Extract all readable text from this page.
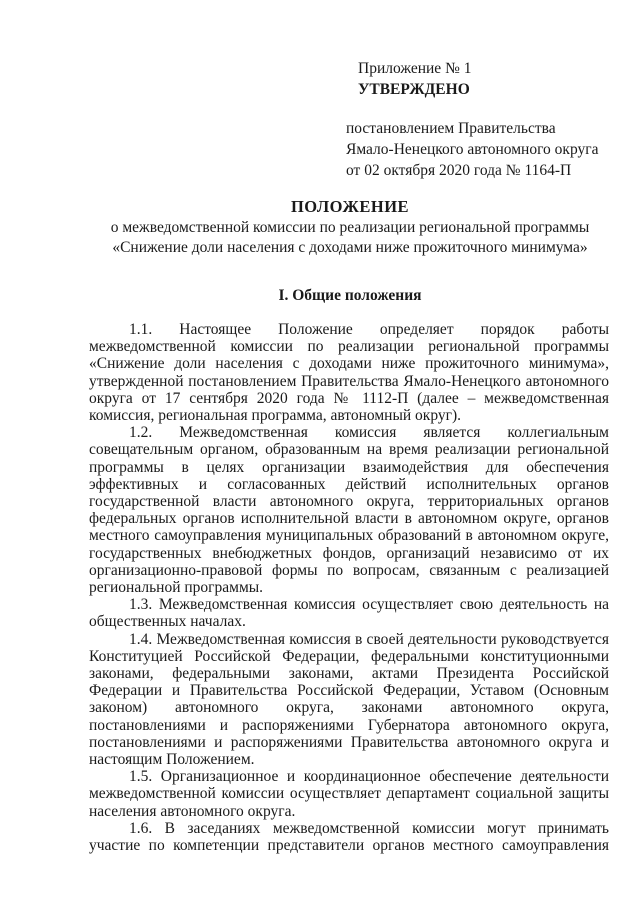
Приложение № 1
УТВЕРЖДЕНО
постановлением Правительства
Ямало-Ненецкого автономного округа
от 02 октября 2020 года № 1164-П
ПОЛОЖЕНИЕ
о межведомственной комиссии по реализации региональной программы
«Снижение доли населения с доходами ниже прожиточного минимума»
I. Общие положения

1.1. Настоящее Положение определяет порядок работы межведомственной комиссии по реализации региональной программы «Снижение доли населения с доходами ниже прожиточного минимума», утвержденной постановлением Правительства Ямало-Ненецкого автономного округа от 17 сентября 2020 года № 1112-П (далее – межведомственная комиссия, региональная программа, автономный округ).

1.2. Межведомственная комиссия является коллегиальным совещательным органом, образованным на время реализации региональной программы в целях организации взаимодействия для обеспечения эффективных и согласованных действий исполнительных органов государственной власти автономного округа, территориальных органов федеральных органов исполнительной власти в автономном округе, органов местного самоуправления муниципальных образований в автономном округе, государственных внебюджетных фондов, организаций независимо от их организационно-правовой формы по вопросам, связанным с реализацией региональной программы.

1.3. Межведомственная комиссия осуществляет свою деятельность на общественных началах.

1.4. Межведомственная комиссия в своей деятельности руководствуется Конституцией Российской Федерации, федеральными конституционными законами, федеральными законами, актами Президента Российской Федерации и Правительства Российской Федерации, Уставом (Основным законом) автономного округа, законами автономного округа, постановлениями и распоряжениями Губернатора автономного округа, постановлениями и распоряжениями Правительства автономного округа и настоящим Положением.

1.5. Организационное и координационное обеспечение деятельности межведомственной комиссии осуществляет департамент социальной защиты населения автономного округа.

1.6. В заседаниях межведомственной комиссии могут принимать участие по компетенции представители органов местного самоуправления
